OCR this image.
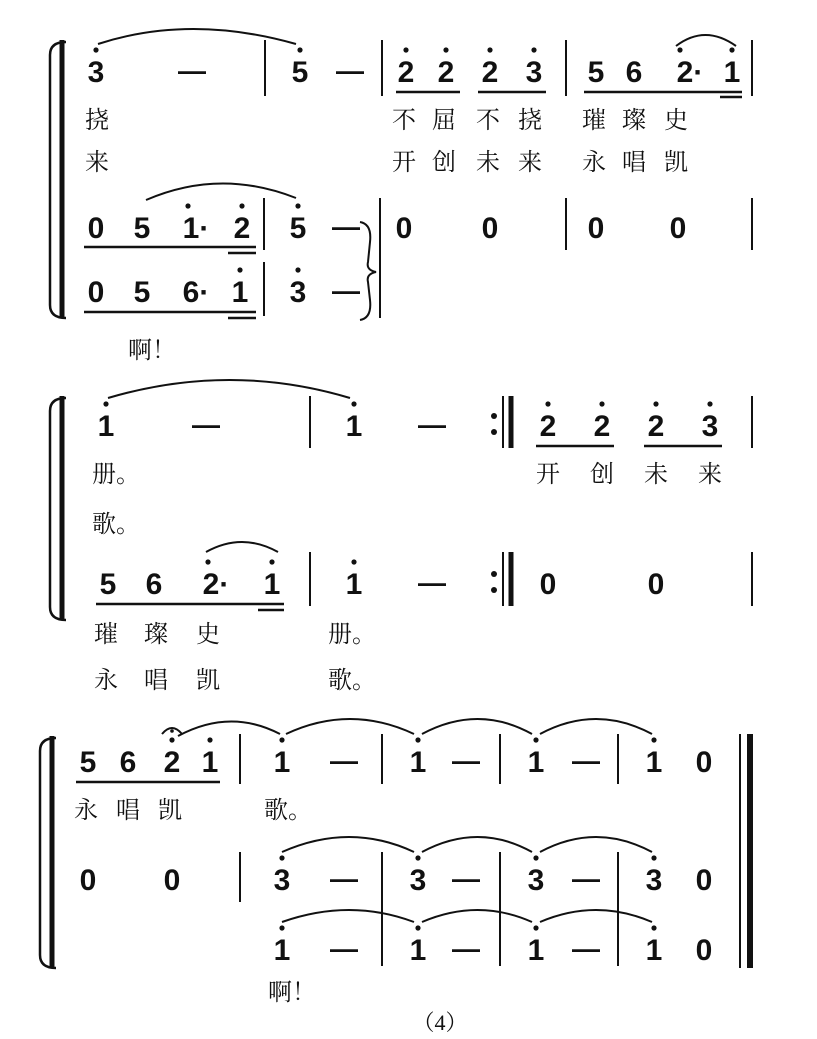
3	—	5 — 2 2 2 3 5 6 2· 1
挠	不 屈 不 挠 璀 璨 史
来	开 创 未 来 永 唱 凯
0 5 1· 2 5 — 0 0	0 0
0 5 6· 1 3 —
啊！
1	—	1 —	2 2 2 3
册。	开 创 未 来
歌。
5 6 2· 1 1 —	0	0
璀 璨 史	册。
永 唱 凯	歌。
5 6 2 1 1 — 1 — 1 — 1 0
永 唱 凯	歌。
0 0	3 — 3 — 3 — 3 0
1 — 1 — 1 — 1 0
啊！
（4）
